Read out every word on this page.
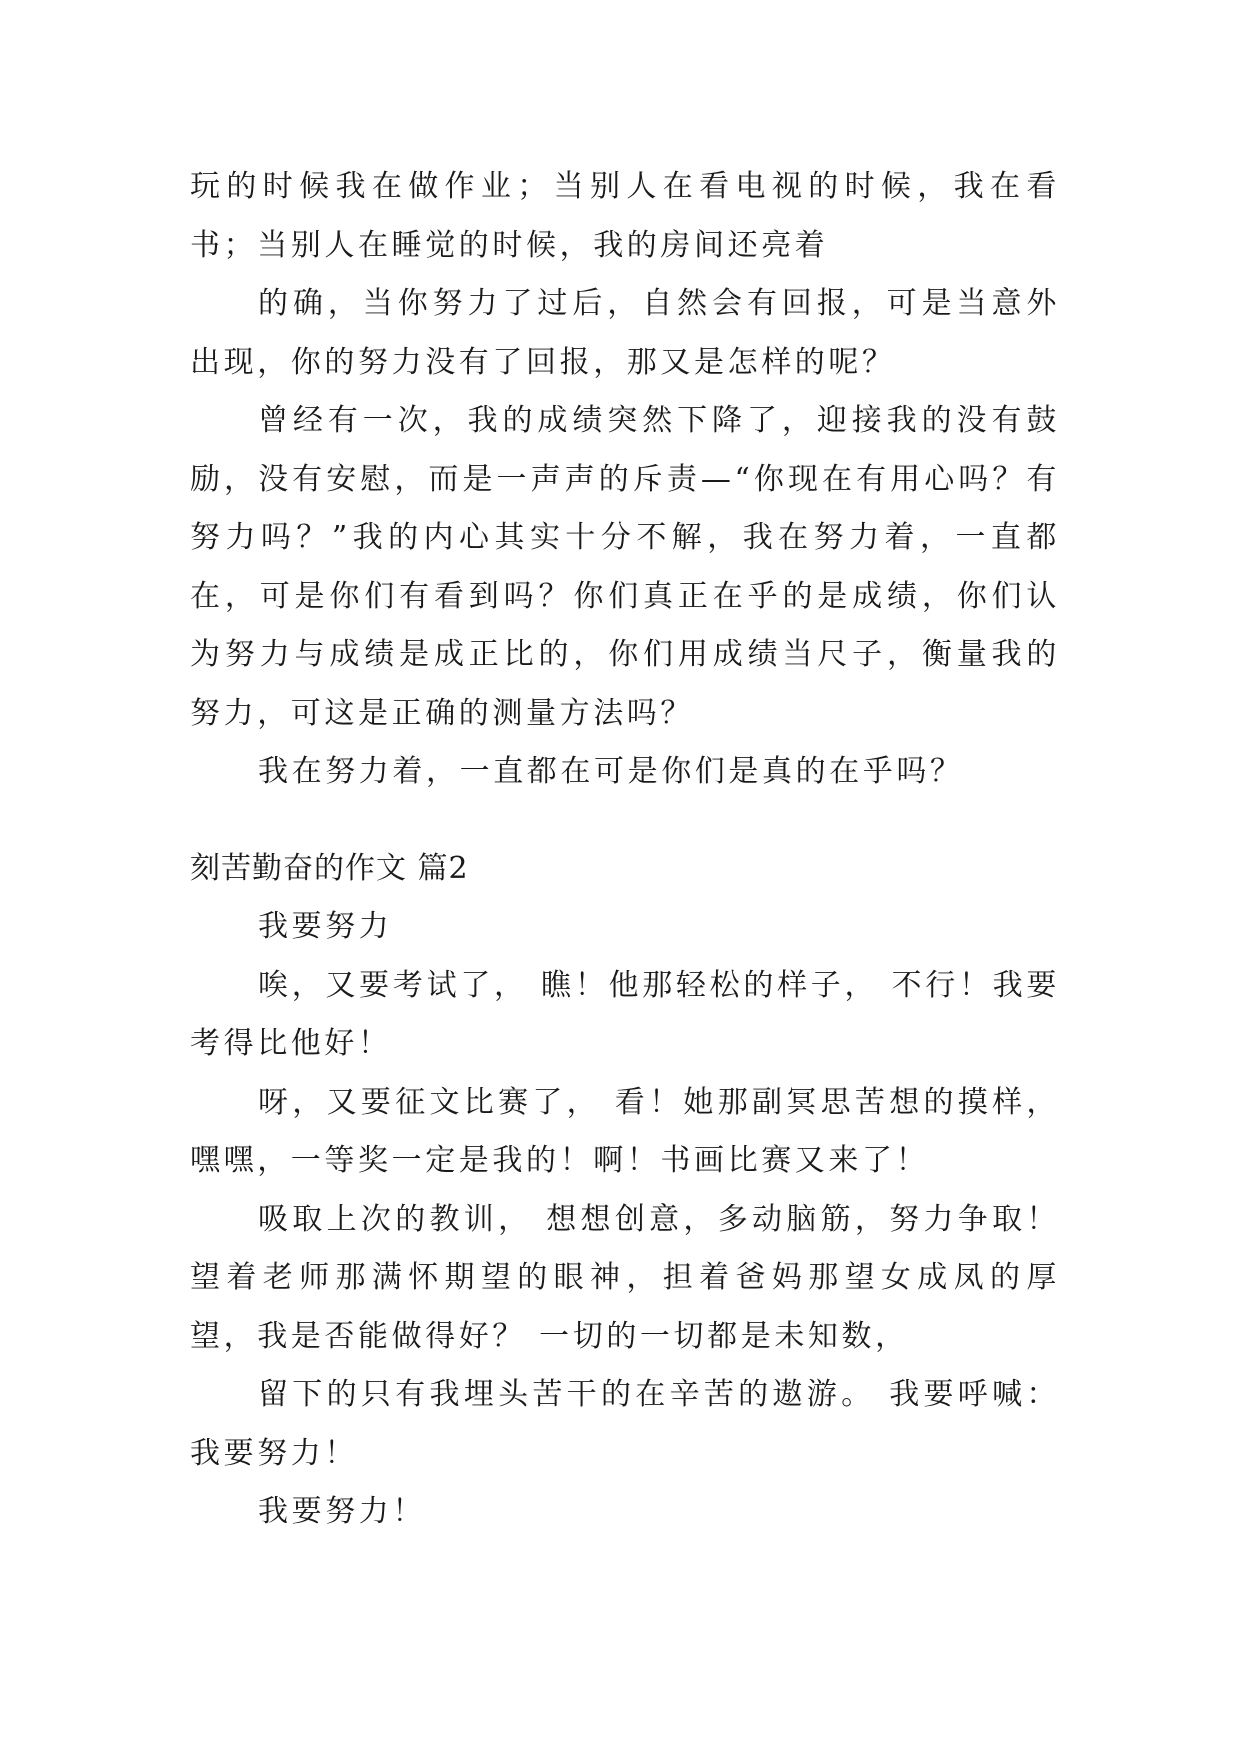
玩的时候我在做作业；当别人在看电视的时候，我在看书；当别人在睡觉的时候，我的房间还亮着

的确，当你努力了过后，自然会有回报，可是当意外出现，你的努力没有了回报，那又是怎样的呢？

曾经有一次，我的成绩突然下降了，迎接我的没有鼓励，没有安慰，而是一声声的斥责—“你现在有用心吗？有努力吗？”我的内心其实十分不解，我在努力着，一直都在，可是你们有看到吗？你们真正在乎的是成绩，你们认为努力与成绩是成正比的，你们用成绩当尺子，衡量我的努力，可这是正确的测量方法吗？

我在努力着，一直都在可是你们是真的在乎吗？

刻苦勤奋的作文 篇2

我要努力

唉，又要考试了， 瞧！他那轻松的样子， 不行！我要考得比他好！

呀，又要征文比赛了， 看！她那副冥思苦想的摸样，嘿嘿，一等奖一定是我的！啊！书画比赛又来了！

吸取上次的教训， 想想创意，多动脑筋，努力争取！望着老师那满怀期望的眼神，担着爸妈那望女成凤的厚望，我是否能做得好？ 一切的一切都是未知数，

留下的只有我埋头苦干的在辛苦的遨游。 我要呼喊：我要努力！

我要努力！
